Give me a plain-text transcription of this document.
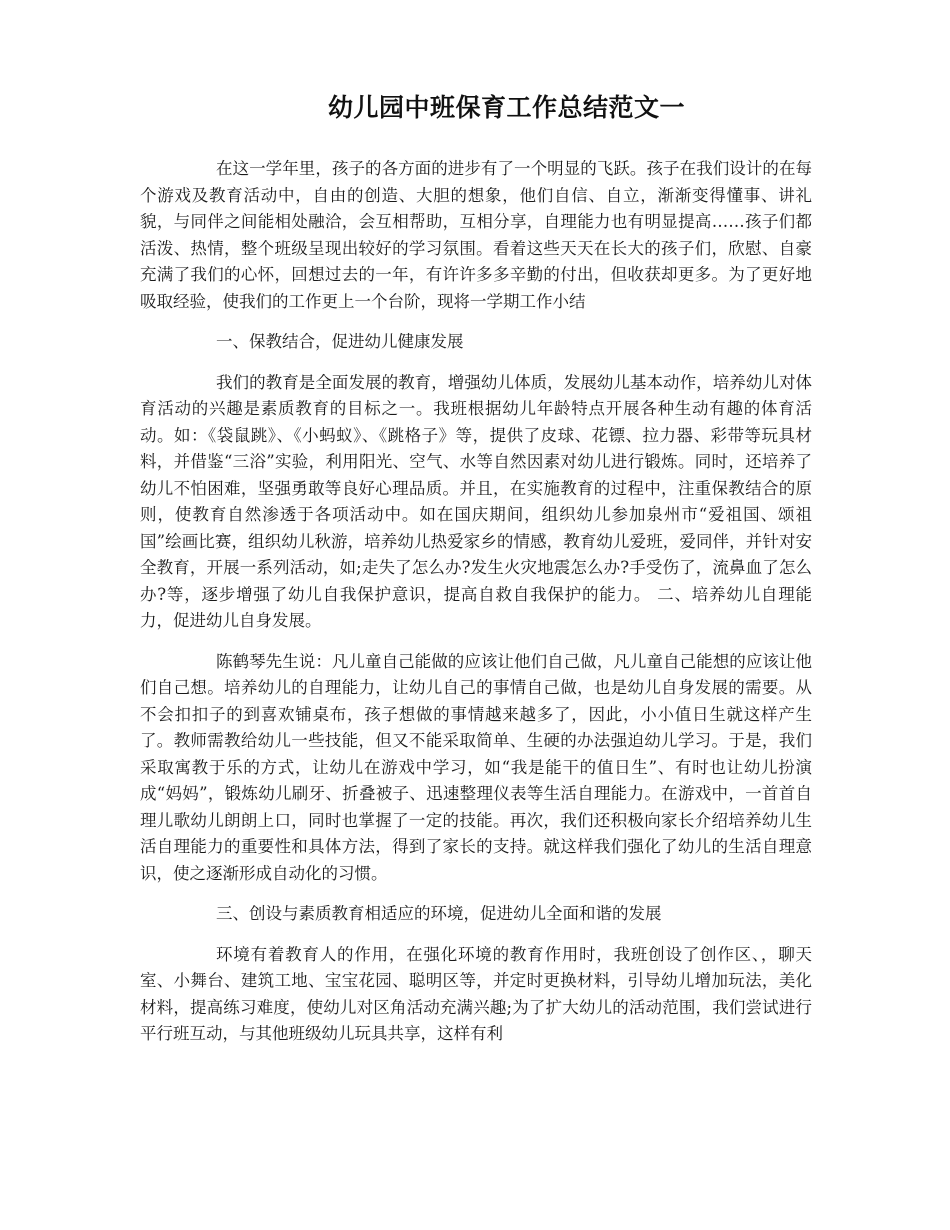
幼儿园中班保育工作总结范文一

在这一学年里，孩子的各方面的进步有了一个明显的飞跃。孩子在我们设计的在每个游戏及教育活动中，自由的创造、大胆的想象，他们自信、自立，渐渐变得懂事、讲礼貌，与同伴之间能相处融洽，会互相帮助，互相分享，自理能力也有明显提高……孩子们都活泼、热情，整个班级呈现出较好的学习氛围。看着这些天天在长大的孩子们，欣慰、自豪充满了我们的心怀，回想过去的一年，有许许多多辛勤的付出，但收获却更多。为了更好地吸取经验，使我们的工作更上一个台阶，现将一学期工作小结

一、保教结合，促进幼儿健康发展

我们的教育是全面发展的教育，增强幼儿体质，发展幼儿基本动作，培养幼儿对体育活动的兴趣是素质教育的目标之一。我班根据幼儿年龄特点开展各种生动有趣的体育活动。如：《袋鼠跳》、《小蚂蚁》、《跳格子》等，提供了皮球、花镖、拉力器、彩带等玩具材料，并借鉴“三浴”实验，利用阳光、空气、水等自然因素对幼儿进行锻炼。同时，还培养了幼儿不怕困难，坚强勇敢等良好心理品质。并且，在实施教育的过程中，注重保教结合的原则，使教育自然渗透于各项活动中。如在国庆期间，组织幼儿参加泉州市“爱祖国、颂祖国”绘画比赛，组织幼儿秋游，培养幼儿热爱家乡的情感，教育幼儿爱班，爱同伴，并针对安全教育，开展一系列活动，如;走失了怎么办?发生火灾地震怎么办?手受伤了，流鼻血了怎么办?等，逐步增强了幼儿自我保护意识，提高自救自我保护的能力。 二、培养幼儿自理能力，促进幼儿自身发展。

陈鹤琴先生说：凡儿童自己能做的应该让他们自己做，凡儿童自己能想的应该让他们自己想。培养幼儿的自理能力，让幼儿自己的事情自己做，也是幼儿自身发展的需要。从不会扣扣子的到喜欢铺桌布，孩子想做的事情越来越多了，因此，小小值日生就这样产生了。教师需教给幼儿一些技能，但又不能采取简单、生硬的办法强迫幼儿学习。于是，我们采取寓教于乐的方式，让幼儿在游戏中学习，如“我是能干的值日生”、有时也让幼儿扮演成“妈妈”，锻炼幼儿刷牙、折叠被子、迅速整理仪表等生活自理能力。在游戏中，一首首自理儿歌幼儿朗朗上口，同时也掌握了一定的技能。再次，我们还积极向家长介绍培养幼儿生活自理能力的重要性和具体方法，得到了家长的支持。就这样我们强化了幼儿的生活自理意识，使之逐渐形成自动化的习惯。

三、创设与素质教育相适应的环境，促进幼儿全面和谐的发展

环境有着教育人的作用，在强化环境的教育作用时，我班创设了创作区、，聊天室、小舞台、建筑工地、宝宝花园、聪明区等，并定时更换材料，引导幼儿增加玩法，美化材料，提高练习难度，使幼儿对区角活动充满兴趣;为了扩大幼儿的活动范围，我们尝试进行平行班互动，与其他班级幼儿玩具共享，这样有利
